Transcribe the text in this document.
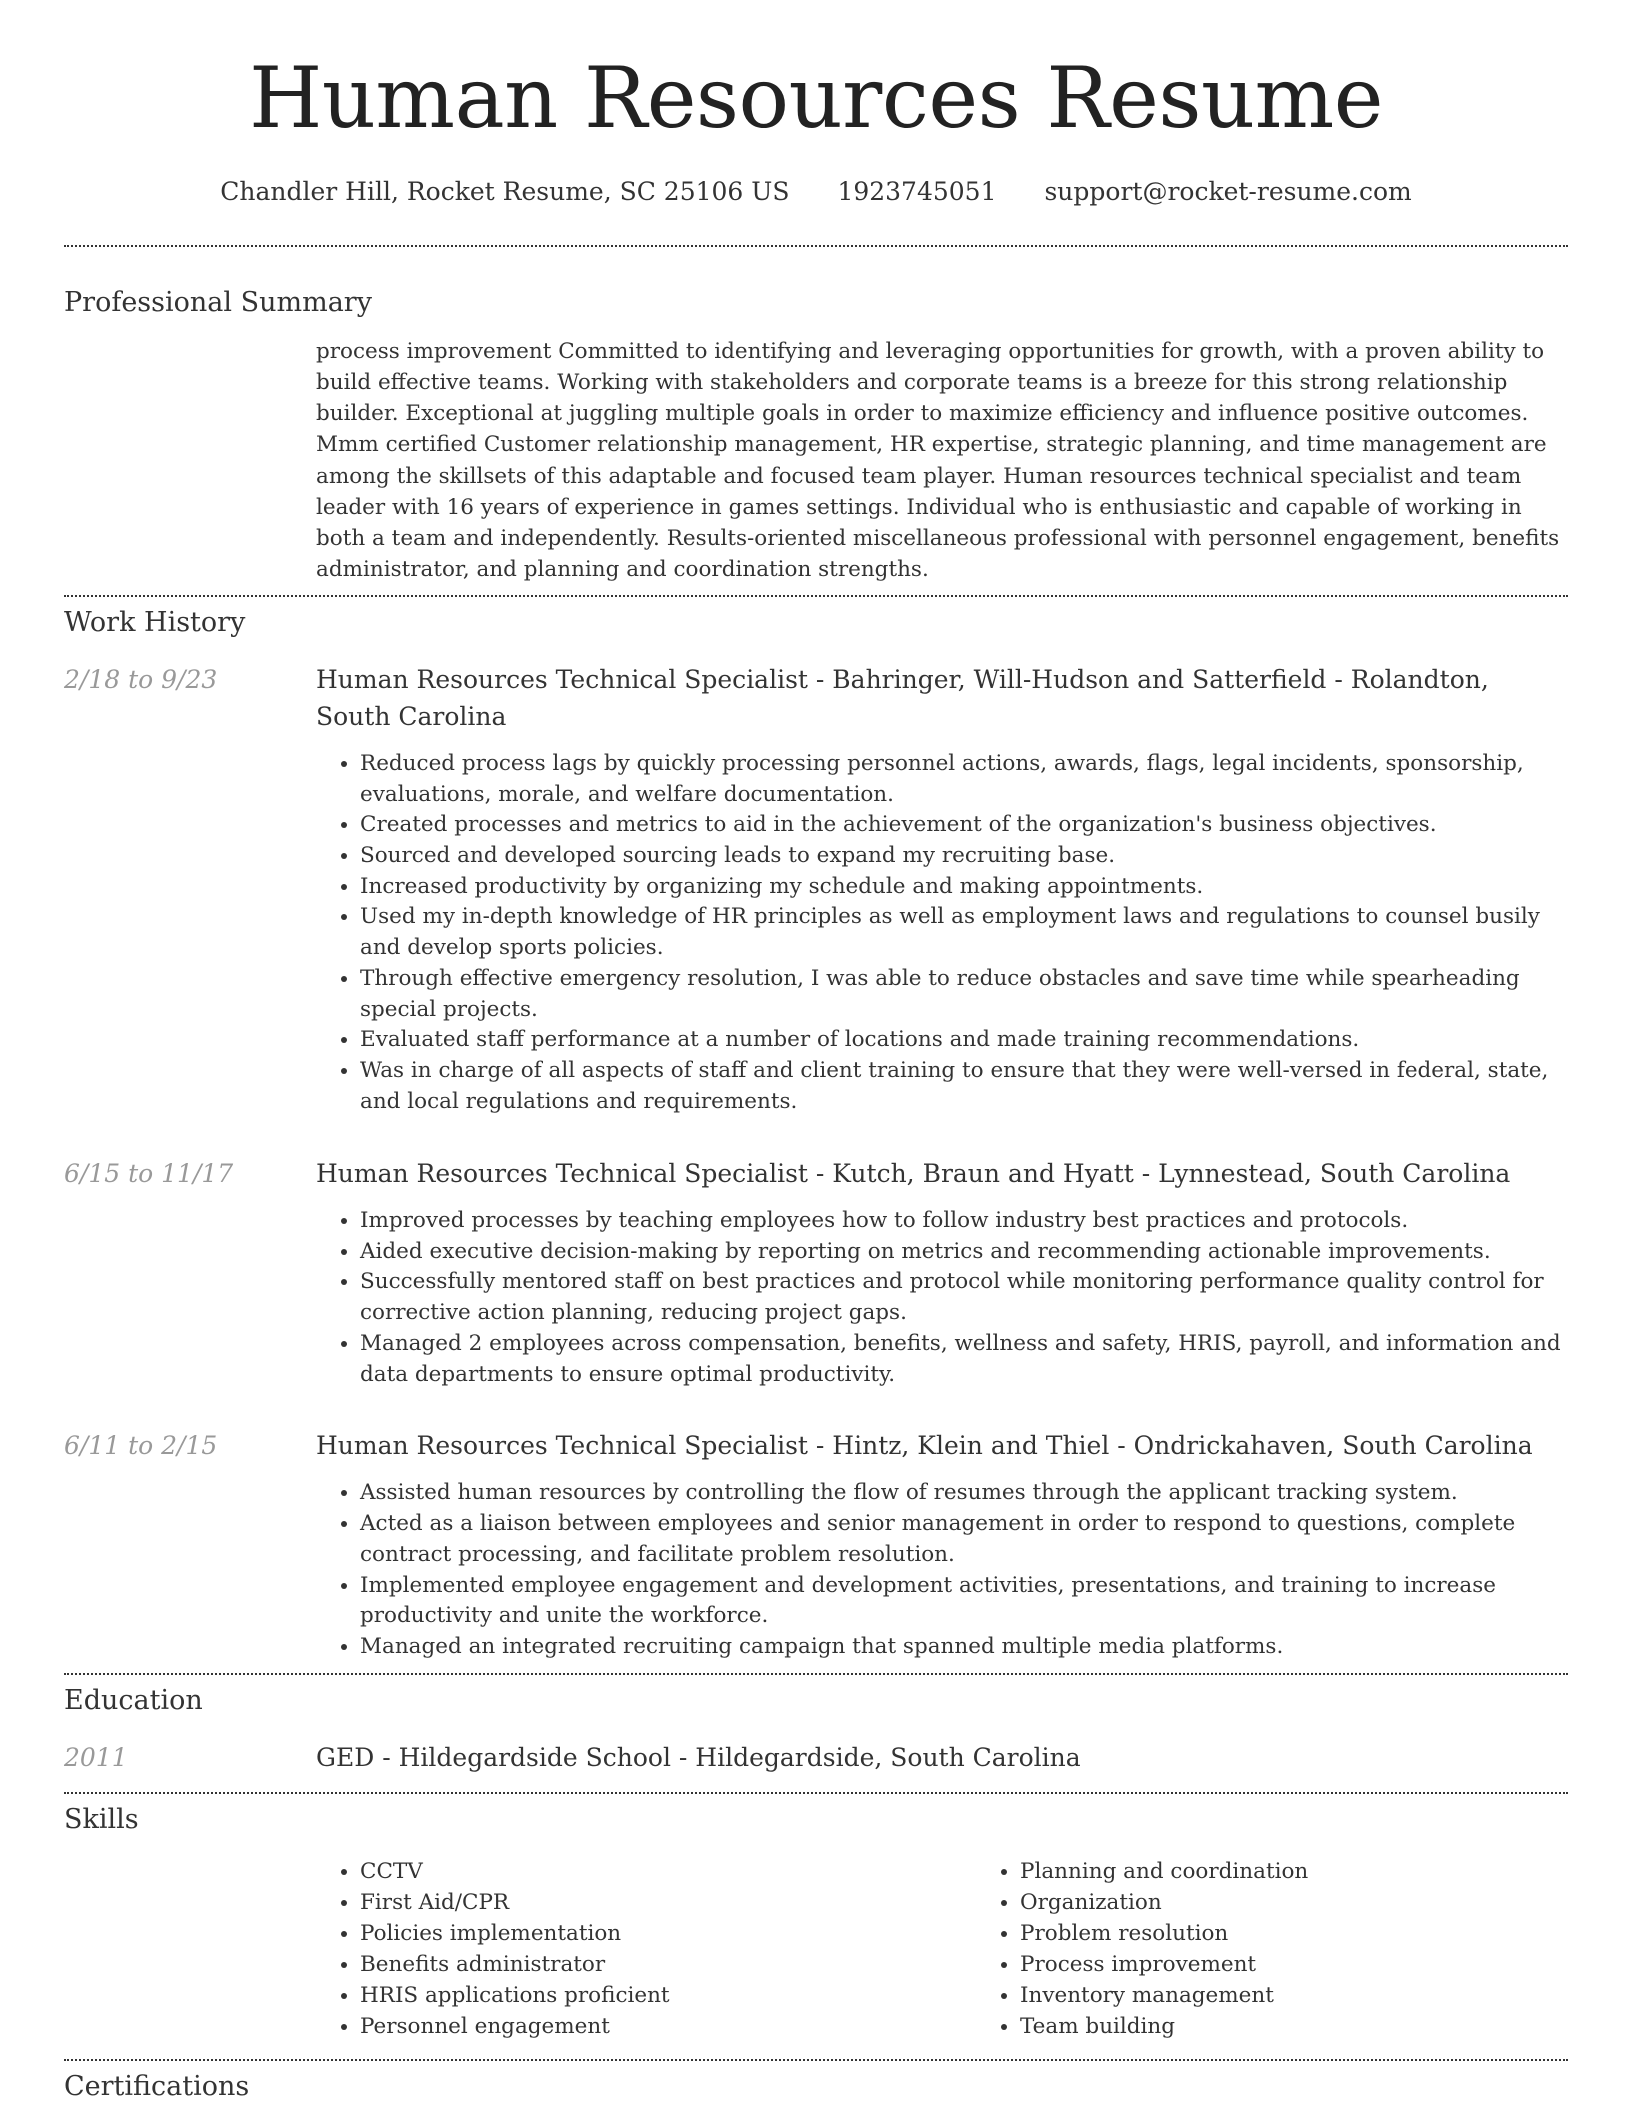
Human Resources Resume
Chandler Hill, Rocket Resume, SC 25106 US 1923745051 support@rocket-resume.com
Professional Summary

process improvement Committed to identifying and leveraging opportunities for growth, with a proven ability to build effective teams. Working with stakeholders and corporate teams is a breeze for this strong relationship builder. Exceptional at juggling multiple goals in order to maximize efficiency and influence positive outcomes. Mmm certified Customer relationship management, HR expertise, strategic planning, and time management are among the skillsets of this adaptable and focused team player. Human resources technical specialist and team leader with 16 years of experience in games settings. Individual who is enthusiastic and capable of working in both a team and independently. Results-oriented miscellaneous professional with personnel engagement, benefits administrator, and planning and coordination strengths.

Work History
2/18 to 9/23	Human Resources Technical Specialist - Bahringer, Will-Hudson and Satterfield - Rolandton, South Carolina

• Reduced process lags by quickly processing personnel actions, awards, flags, legal incidents, sponsorship, evaluations, morale, and welfare documentation.
• Created processes and metrics to aid in the achievement of the organization's business objectives.
• Sourced and developed sourcing leads to expand my recruiting base.
• Increased productivity by organizing my schedule and making appointments.
• Used my in-depth knowledge of HR principles as well as employment laws and regulations to counsel busily and develop sports policies.
• Through effective emergency resolution, I was able to reduce obstacles and save time while spearheading special projects.
• Evaluated staff performance at a number of locations and made training recommendations.
• Was in charge of all aspects of staff and client training to ensure that they were well-versed in federal, state, and local regulations and requirements.
6/15 to 11/17	Human Resources Technical Specialist - Kutch, Braun and Hyatt - Lynnestead, South Carolina

• Improved processes by teaching employees how to follow industry best practices and protocols.
• Aided executive decision-making by reporting on metrics and recommending actionable improvements.
• Successfully mentored staff on best practices and protocol while monitoring performance quality control for corrective action planning, reducing project gaps.
• Managed 2 employees across compensation, benefits, wellness and safety, HRIS, payroll, and information and data departments to ensure optimal productivity.
6/11 to 2/15	Human Resources Technical Specialist - Hintz, Klein and Thiel - Ondrickahaven, South Carolina

• Assisted human resources by controlling the flow of resumes through the applicant tracking system.
• Acted as a liaison between employees and senior management in order to respond to questions, complete contract processing, and facilitate problem resolution.
• Implemented employee engagement and development activities, presentations, and training to increase productivity and unite the workforce.
• Managed an integrated recruiting campaign that spanned multiple media platforms.
Education
2011	GED - Hildegardside School - Hildegardside, South Carolina

Skills
• CCTV
• First Aid/CPR
• Policies implementation
• Benefits administrator
• HRIS applications proficient
• Personnel engagement
• Planning and coordination
• Organization
• Problem resolution
• Process improvement
• Inventory management
• Team building
Certifications
